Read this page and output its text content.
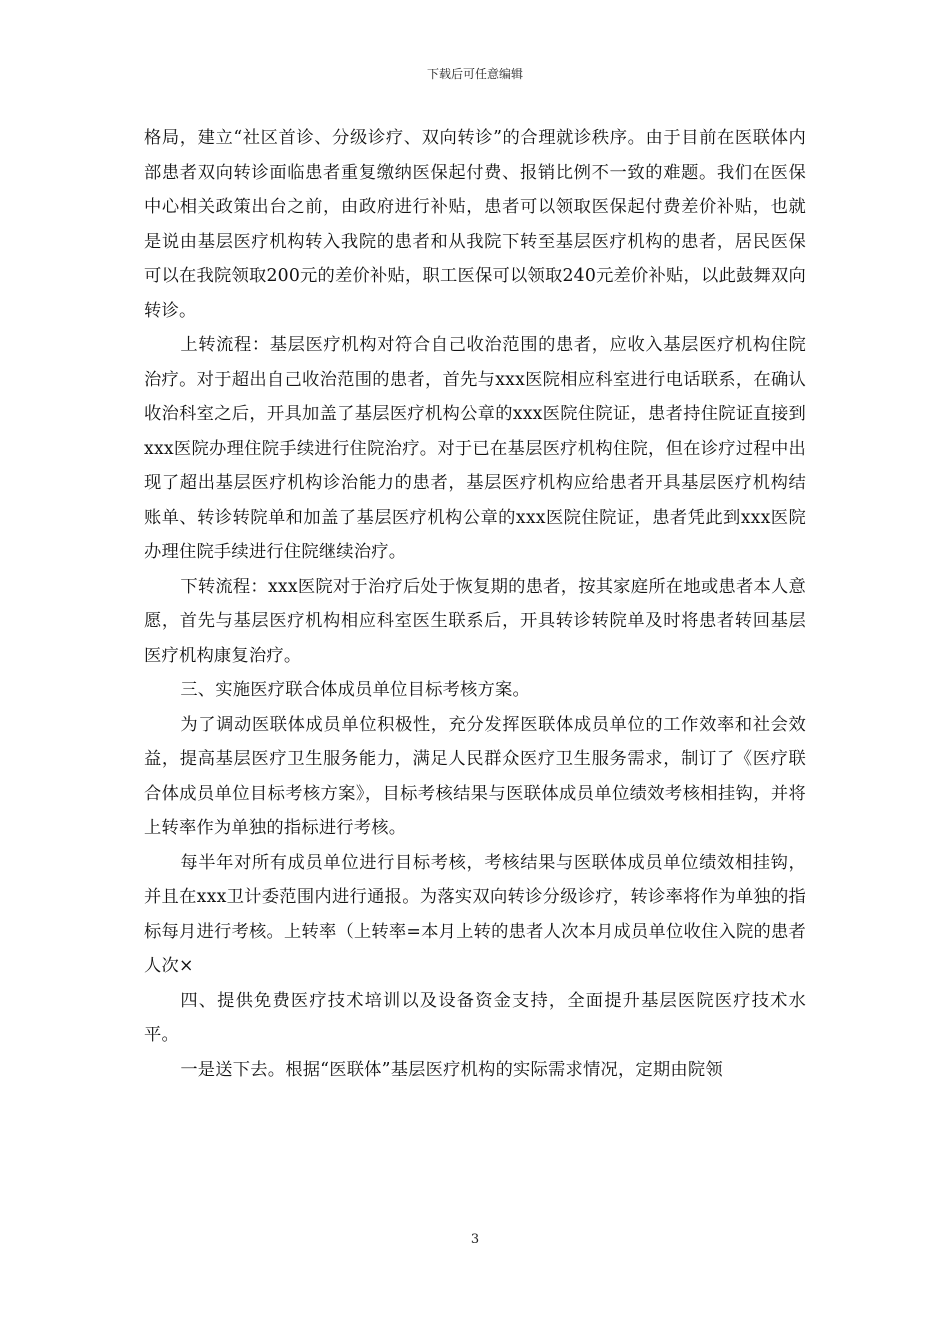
下载后可任意编辑

格局，建立“社区首诊、分级诊疗、双向转诊”的合理就诊秩序。由于目前在医联体内部患者双向转诊面临患者重复缴纳医保起付费、报销比例不一致的难题。我们在医保中心相关政策出台之前，由政府进行补贴，患者可以领取医保起付费差价补贴，也就是说由基层医疗机构转入我院的患者和从我院下转至基层医疗机构的患者，居民医保可以在我院领取200元的差价补贴，职工医保可以领取240元差价补贴，以此鼓舞双向转诊。

上转流程：基层医疗机构对符合自己收治范围的患者，应收入基层医疗机构住院治疗。对于超出自己收治范围的患者，首先与xxx医院相应科室进行电话联系，在确认收治科室之后，开具加盖了基层医疗机构公章的xxx医院住院证，患者持住院证直接到xxx医院办理住院手续进行住院治疗。对于已在基层医疗机构住院，但在诊疗过程中出现了超出基层医疗机构诊治能力的患者，基层医疗机构应给患者开具基层医疗机构结账单、转诊转院单和加盖了基层医疗机构公章的xxx医院住院证，患者凭此到xxx医院办理住院手续进行住院继续治疗。

下转流程：xxx医院对于治疗后处于恢复期的患者，按其家庭所在地或患者本人意愿，首先与基层医疗机构相应科室医生联系后，开具转诊转院单及时将患者转回基层医疗机构康复治疗。

三、实施医疗联合体成员单位目标考核方案。

为了调动医联体成员单位积极性，充分发挥医联体成员单位的工作效率和社会效益，提高基层医疗卫生服务能力，满足人民群众医疗卫生服务需求，制订了《医疗联合体成员单位目标考核方案》，目标考核结果与医联体成员单位绩效考核相挂钩，并将上转率作为单独的指标进行考核。

每半年对所有成员单位进行目标考核，考核结果与医联体成员单位绩效相挂钩，并且在xxx卫计委范围内进行通报。为落实双向转诊分级诊疗，转诊率将作为单独的指标每月进行考核。上转率（上转率=本月上转的患者人次本月成员单位收住入院的患者人次×

四、提供免费医疗技术培训以及设备资金支持，全面提升基层医院医疗技术水平。

一是送下去。根据“医联体”基层医疗机构的实际需求情况，定期由院领

3
